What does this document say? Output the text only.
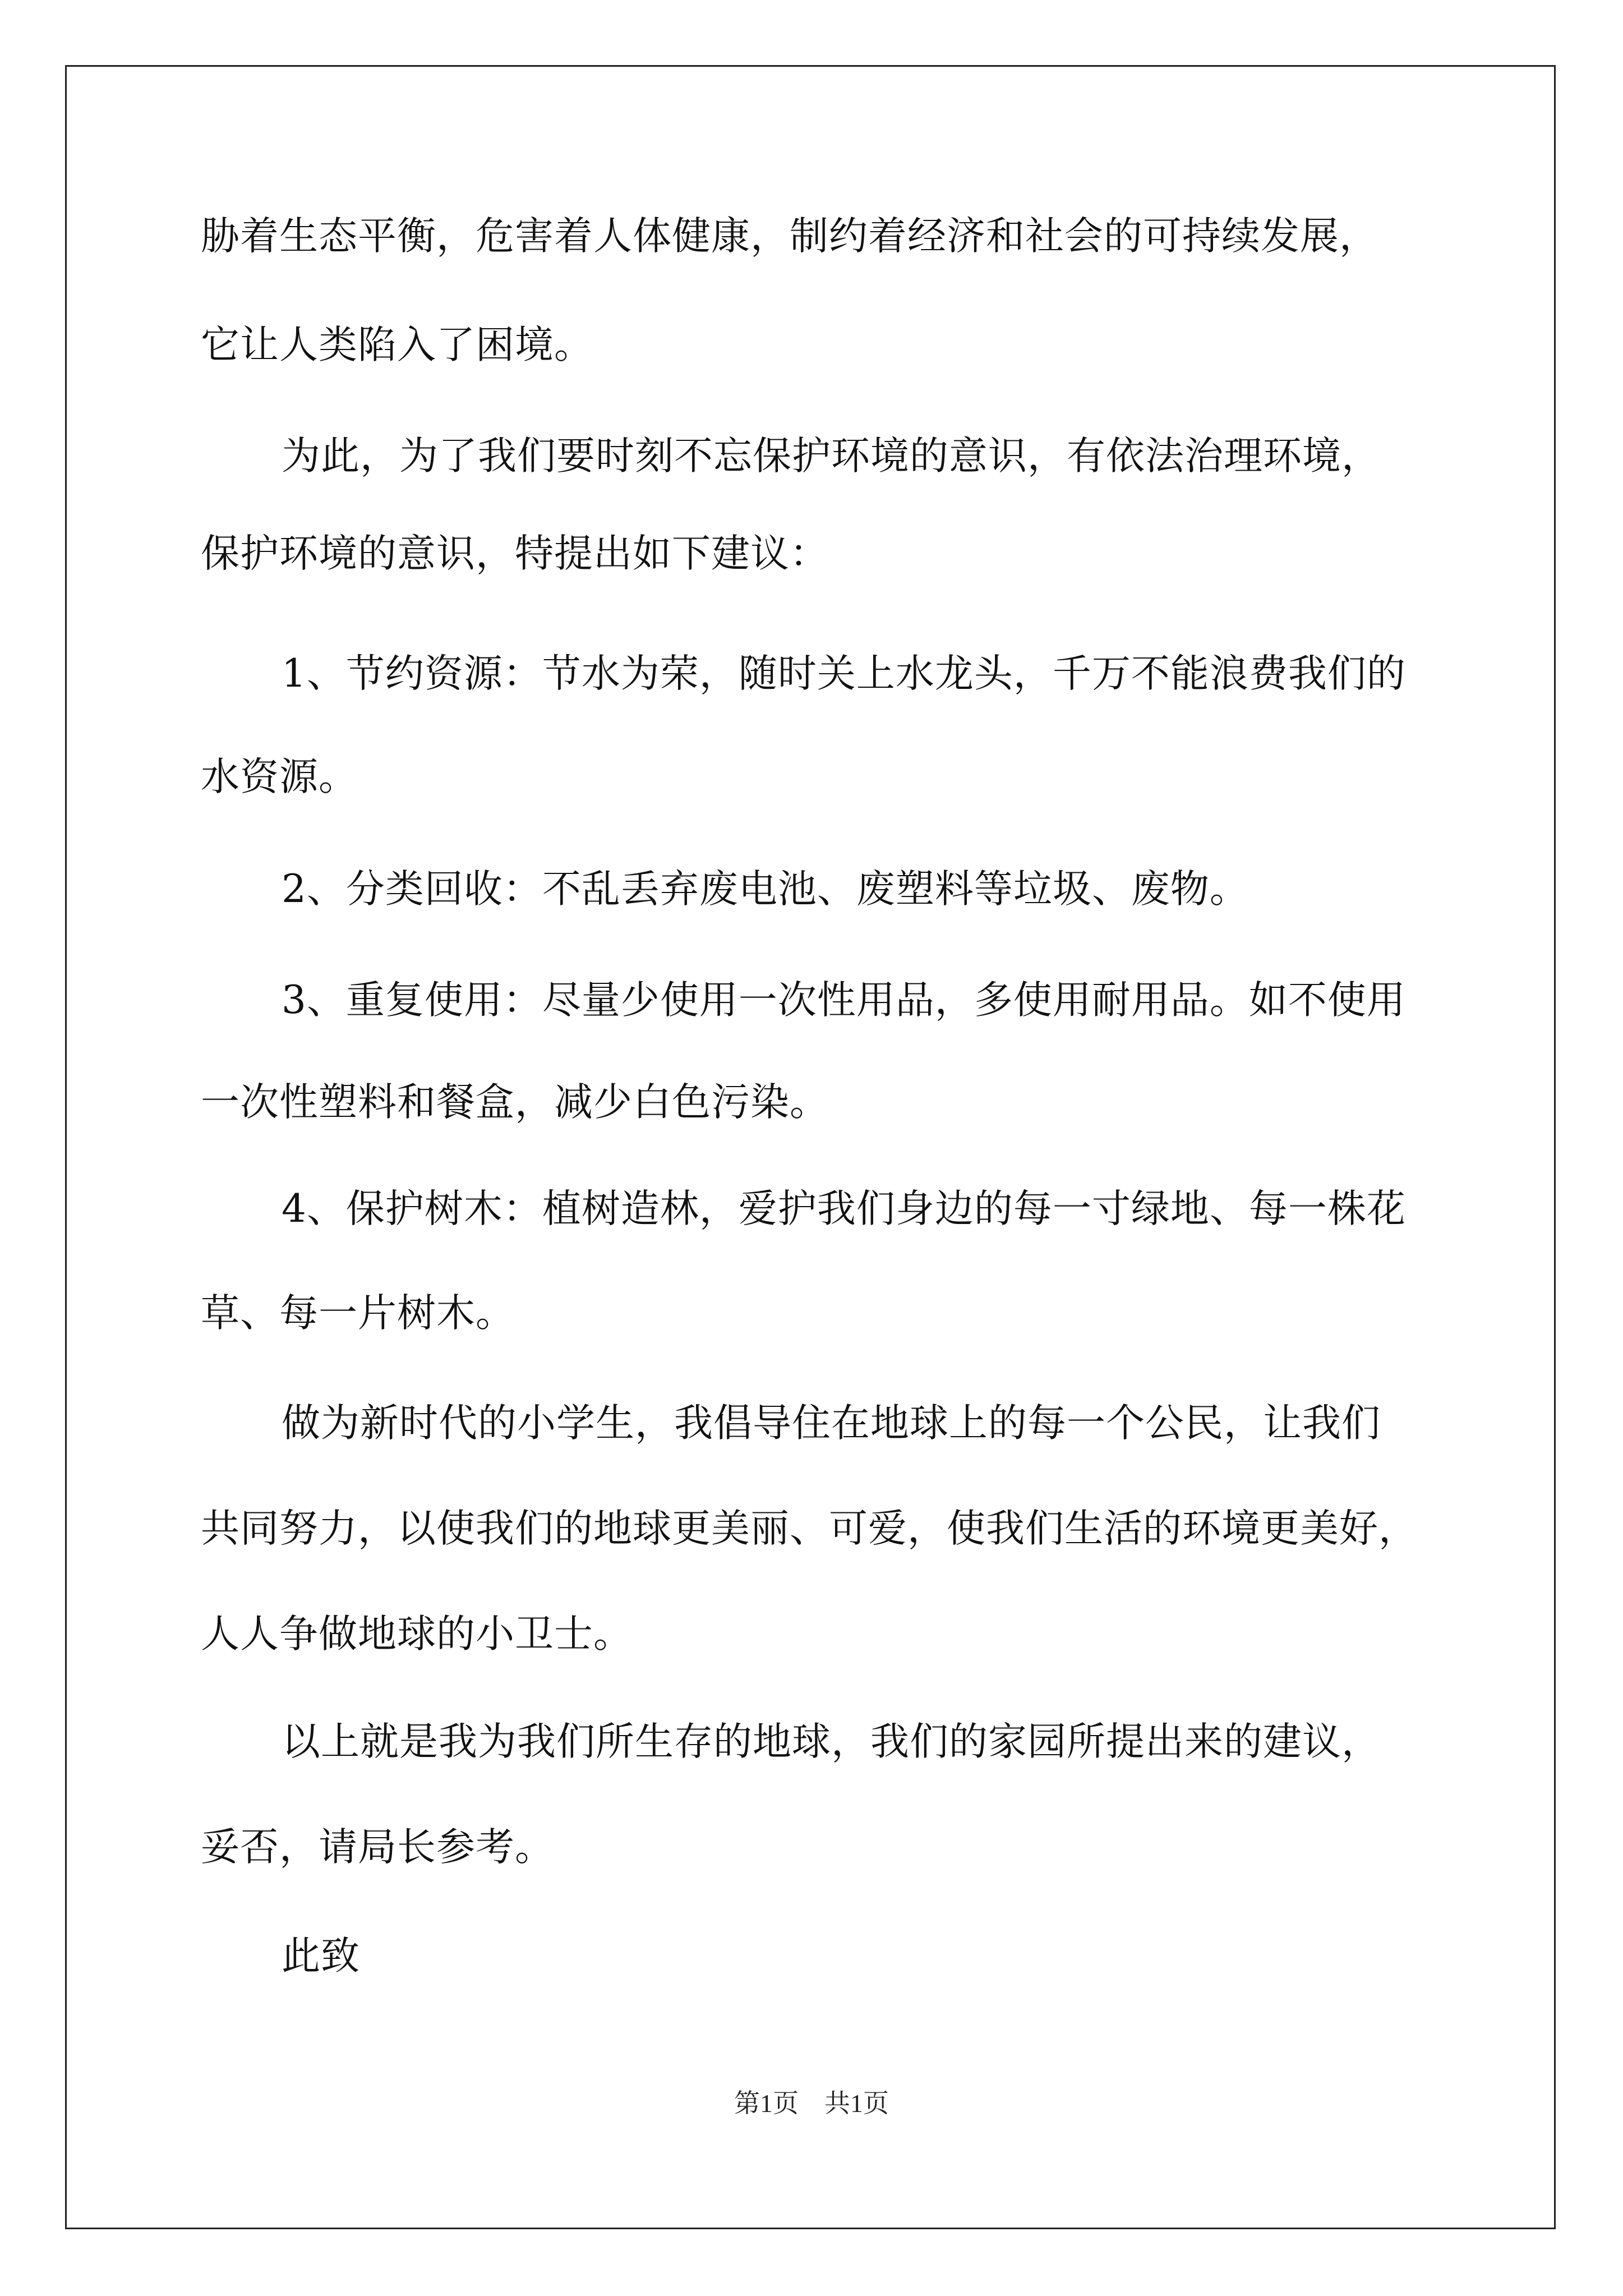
胁着生态平衡，危害着人体健康，制约着经济和社会的可持续发展，
它让人类陷入了困境。
为此，为了我们要时刻不忘保护环境的意识，有依法治理环境，
保护环境的意识，特提出如下建议：
1、节约资源：节水为荣，随时关上水龙头，千万不能浪费我们的
水资源。
2、分类回收：不乱丢弃废电池、废塑料等垃圾、废物。
3、重复使用：尽量少使用一次性用品，多使用耐用品。如不使用
一次性塑料和餐盒，减少白色污染。
4、保护树木：植树造林，爱护我们身边的每一寸绿地、每一株花
草、每一片树木。
做为新时代的小学生，我倡导住在地球上的每一个公民，让我们
共同努力，以使我们的地球更美丽、可爱，使我们生活的环境更美好，
人人争做地球的小卫士。
以上就是我为我们所生存的地球，我们的家园所提出来的建议，
妥否，请局长参考。
此致
第1页　共1页
